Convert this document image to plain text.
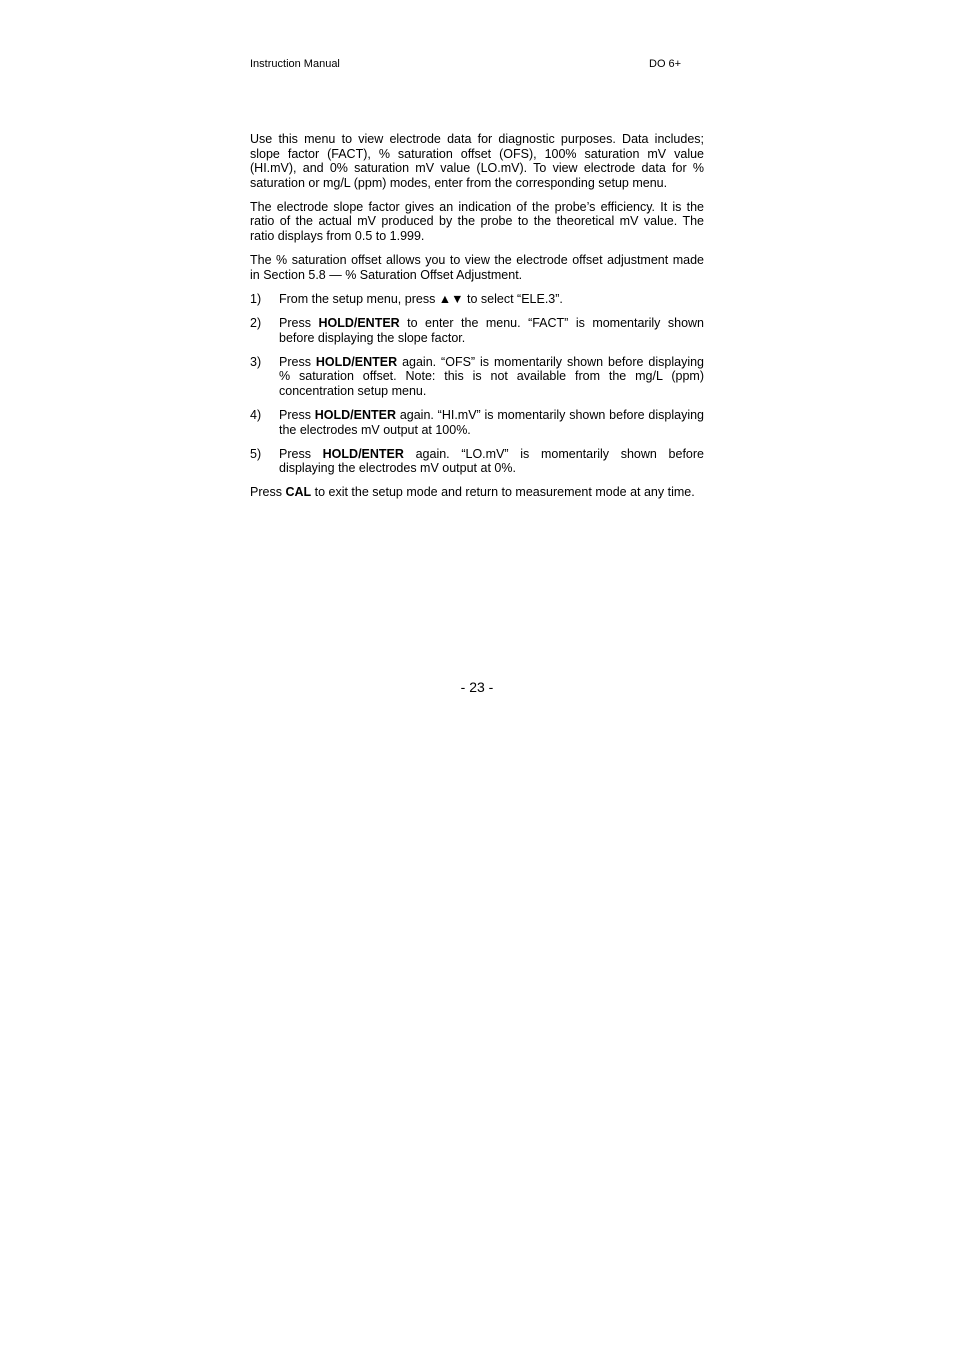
Instruction Manual	DO 6+

Use this menu to view electrode data for diagnostic purposes. Data includes; slope factor (FACT), % saturation offset (OFS), 100% saturation mV value (HI.mV), and 0% saturation mV value (LO.mV). To view electrode data for % saturation or mg/L (ppm) modes, enter from the corresponding setup menu.

The electrode slope factor gives an indication of the probe’s efficiency. It is the ratio of the actual mV produced by the probe to the theoretical mV value. The ratio displays from 0.5 to 1.999.

The % saturation offset allows you to view the electrode offset adjustment made in Section 5.8 — % Saturation Offset Adjustment.

1)	From the setup menu, press ▲▼ to select “ELE.3”.
2)	Press HOLD/ENTER to enter the menu. “FACT” is momentarily shown before displaying the slope factor.
3)	Press HOLD/ENTER again. “OFS” is momentarily shown before displaying % saturation offset. Note: this is not available from the mg/L (ppm) concentration setup menu.
4)	Press HOLD/ENTER again. “HI.mV” is momentarily shown before displaying the electrodes mV output at 100%.
5)	Press HOLD/ENTER again. “LO.mV” is momentarily shown before displaying the electrodes mV output at 0%.

Press CAL to exit the setup mode and return to measurement mode at any time.

- 23 -
